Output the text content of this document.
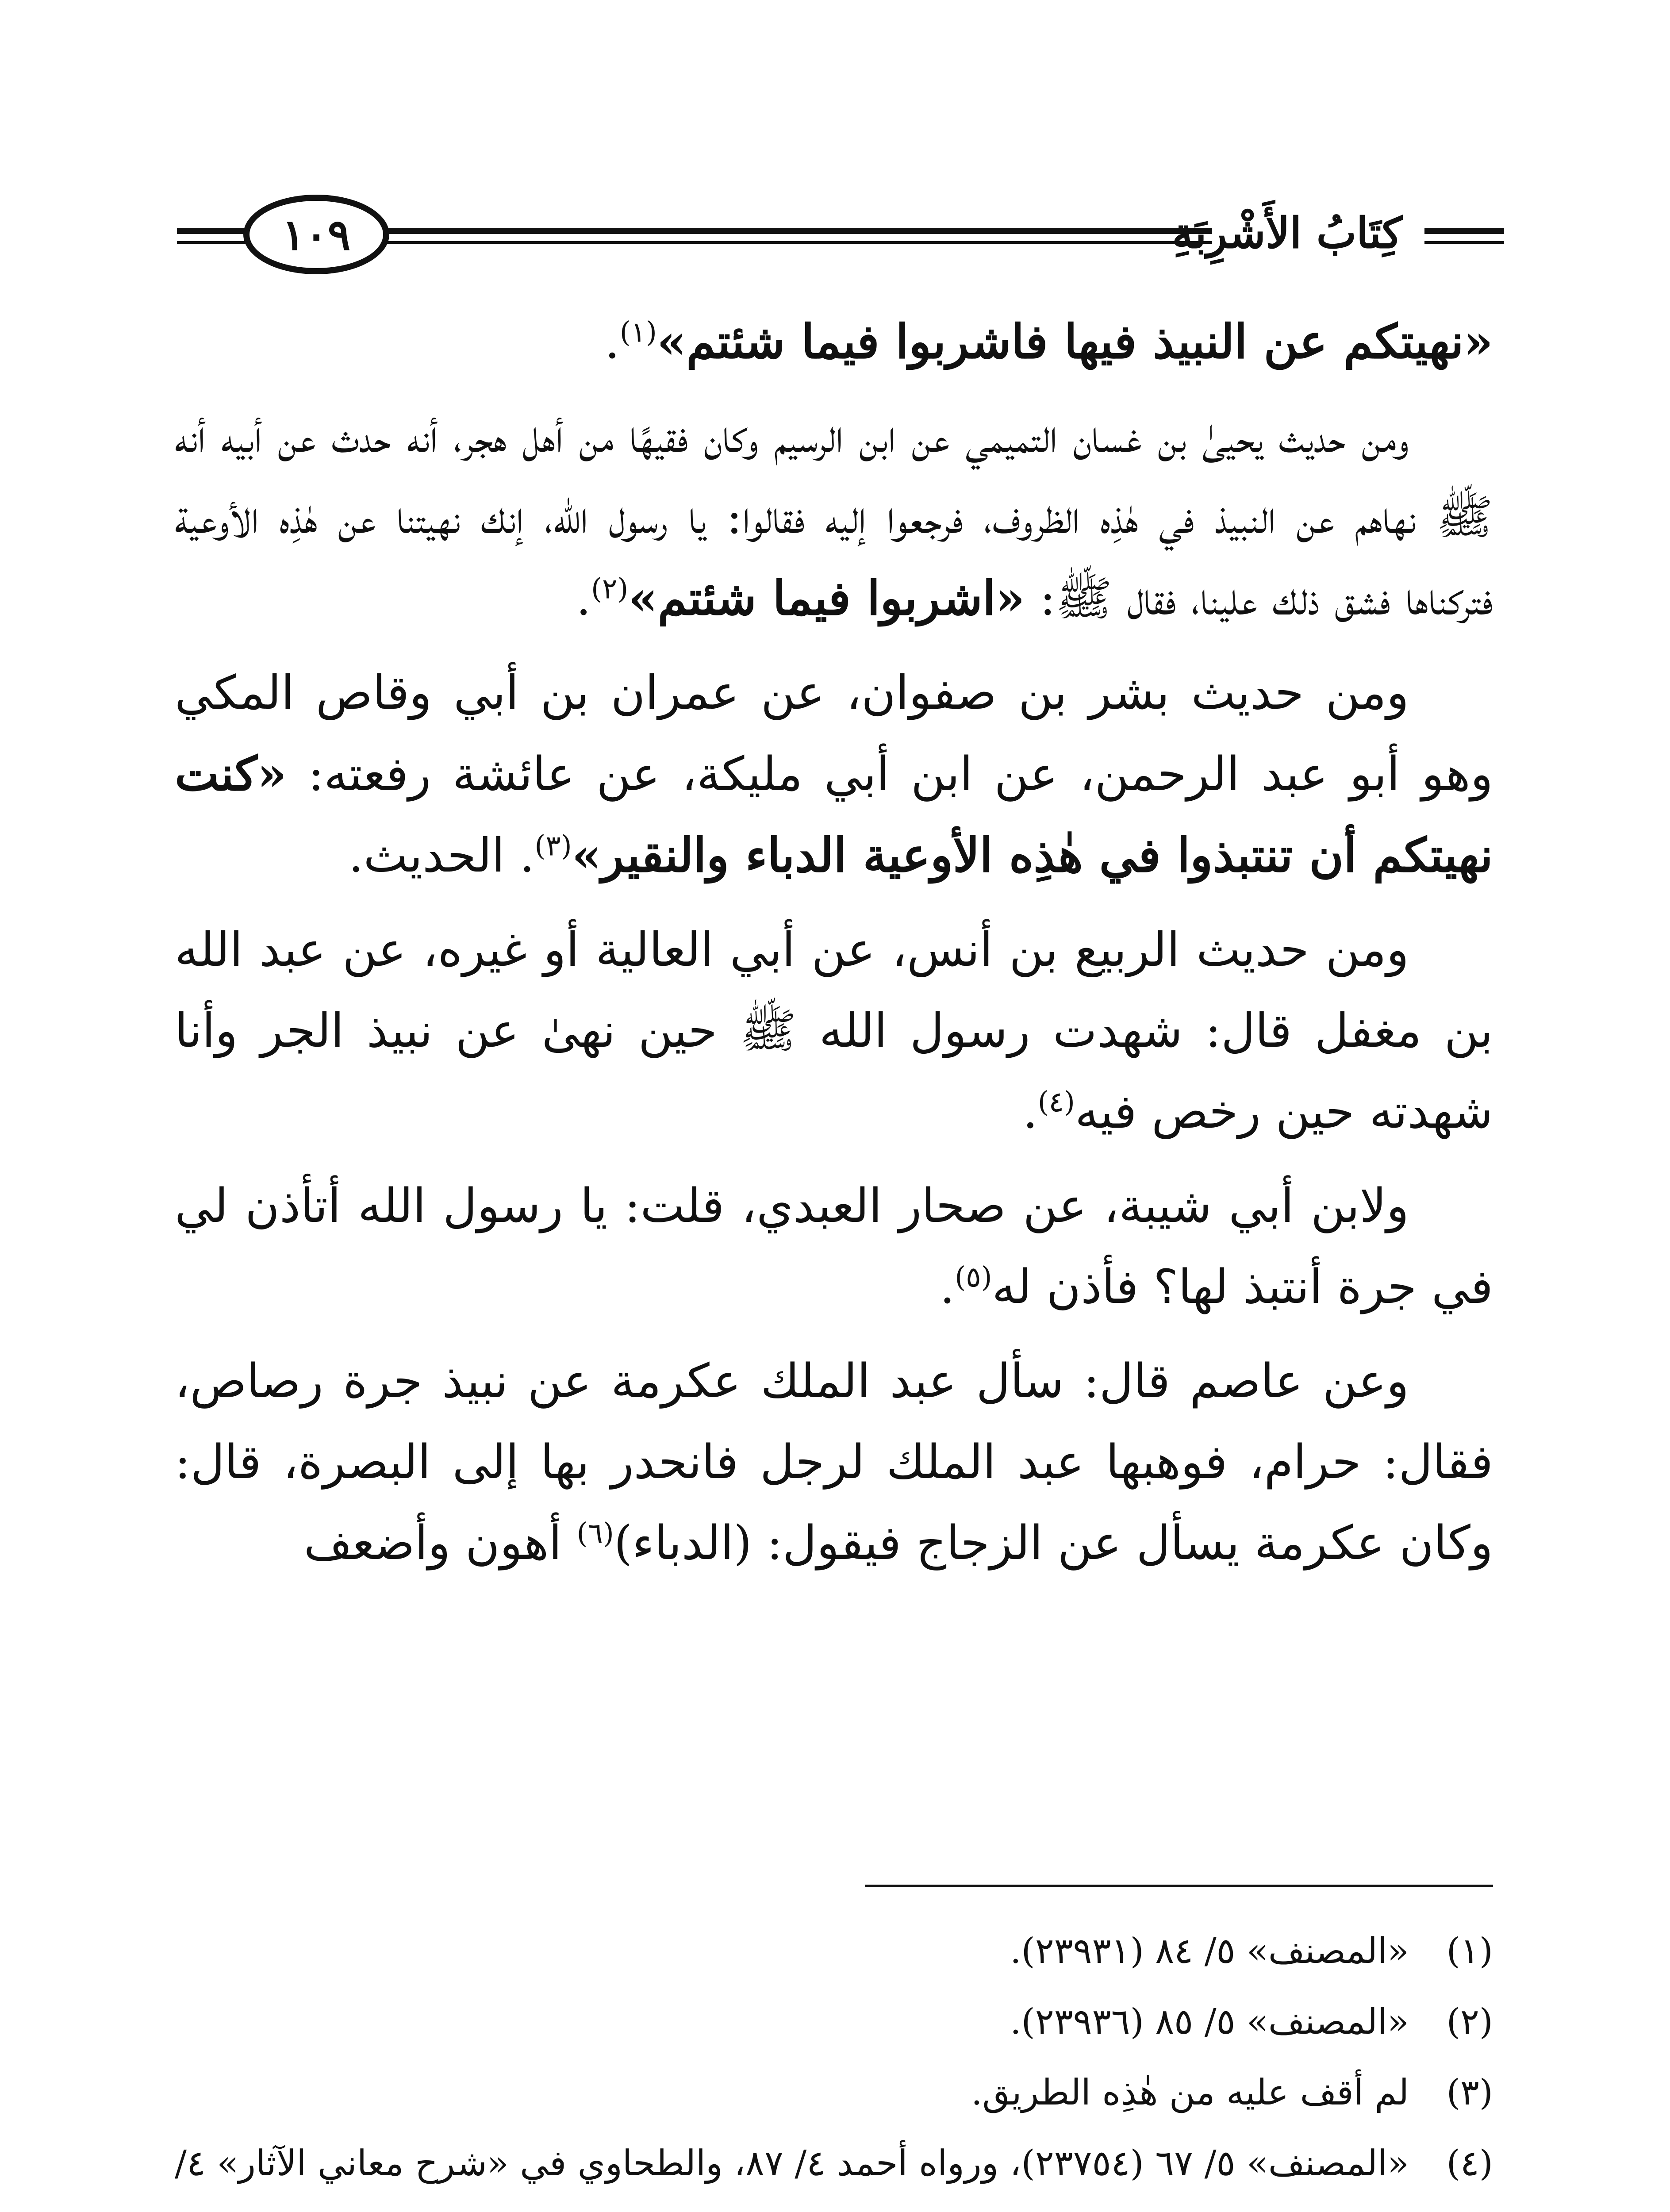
كِتَابُ الأَشْرِبَةِ
١٠٩

«نهيتكم عن النبيذ فيها فاشربوا فيما شئتم»$^{(١)}$.

ومن حديث يحيىٰ بن غسان التميمي عن ابن الرسيم وكان فقيهًا من أهل هجر، أنه حدث عن أبيه أنه ﷺ نهاهم عن النبيذ في هٰذِه الظروف، فرجعوا إليه فقالوا: يا رسول الله، إنك نهيتنا عن هٰذِه الأوعية فتركناها فشق ذلك علينا، فقال ﷺ: «اشربوا فيما شئتم»$^{(٢)}$.

ومن حديث بشر بن صفوان، عن عمران بن أبي وقاص المكي وهو أبو عبد الرحمن، عن ابن أبي مليكة، عن عائشة رفعته: «كنت نهيتكم أن تنتبذوا في هٰذِه الأوعية الدباء والنقير»$^{(٣)}$. الحديث.

ومن حديث الربيع بن أنس، عن أبي العالية أو غيره، عن عبد الله بن مغفل قال: شهدت رسول الله ﷺ حين نهىٰ عن نبيذ الجر وأنا شهدته حين رخص فيه$^{(٤)}$.

ولابن أبي شيبة، عن صحار العبدي، قلت: يا رسول الله أتأذن لي في جرة أنتبذ لها؟ فأذن له$^{(٥)}$.

وعن عاصم قال: سأل عبد الملك عكرمة عن نبيذ جرة رصاص، فقال: حرام، فوهبها عبد الملك لرجل فانحدر بها إلى البصرة، قال: وكان عكرمة يسأل عن الزجاج فيقول: (الدباء)$^{(٦)}$ أهون وأضعف

(١)
«المصنف» ٥/ ٨٤ (٢٣٩٣١).
(٢)
«المصنف» ٥/ ٨٥ (٢٣٩٣٦).
(٣)
لم أقف عليه من هٰذِه الطريق.
(٤)
«المصنف» ٥/ ٦٧ (٢٣٧٥٤)، ورواه أحمد ٤/ ٨٧، والطحاوي في «شرح معاني الآثار» ٤/
